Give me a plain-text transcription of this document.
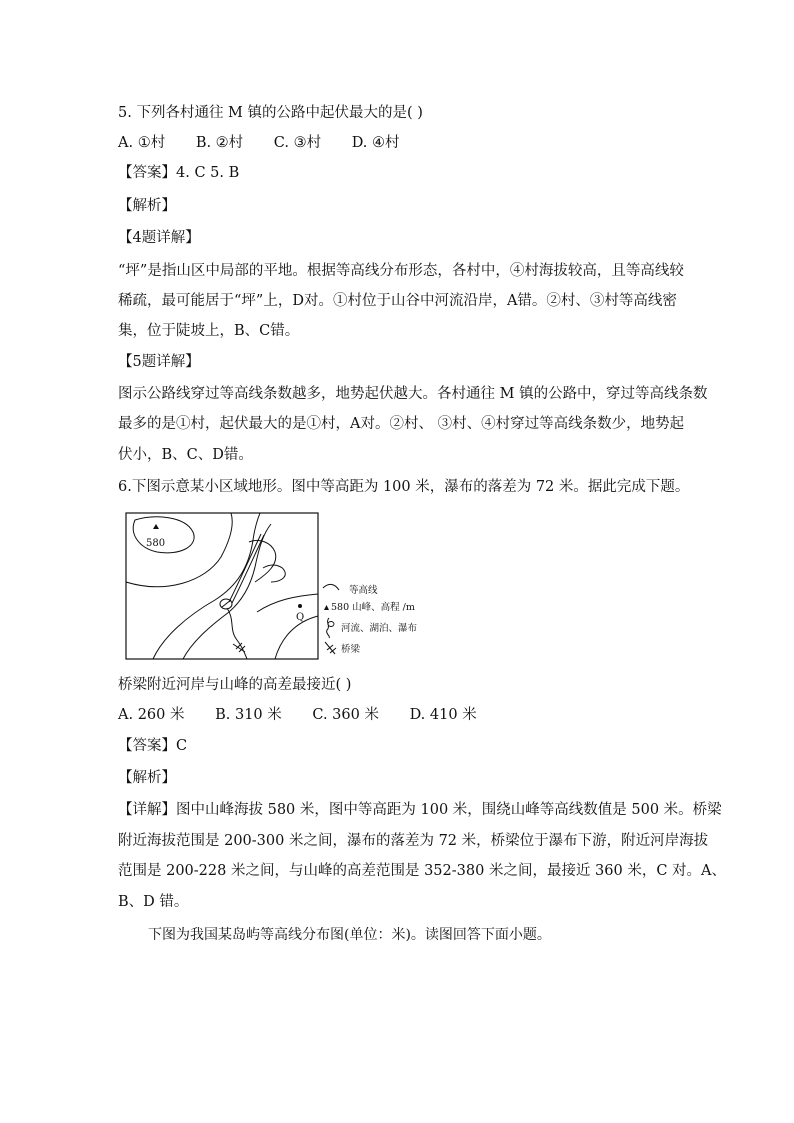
5. 下列各村通往 M 镇的公路中起伏最大的是( )
A. ①村 B. ②村 C. ③村 D. ④村
【答案】4. C 5. B
【解析】
【4题详解】
“坪”是指山区中局部的平地。根据等高线分布形态，各村中，④村海拔较高，且等高线较
稀疏，最可能居于“坪”上，D对。①村位于山谷中河流沿岸，A错。②村、③村等高线密
集，位于陡坡上，B、C错。
【5题详解】
图示公路线穿过等高线条数越多，地势起伏越大。各村通往 M 镇的公路中，穿过等高线条数
最多的是①村，起伏最大的是①村，A对。②村、 ③村、④村穿过等高线条数少，地势起
伏小，B、C、D错。
6.下图示意某小区域地形。图中等高距为 100 米，瀑布的落差为 72 米。据此完成下题。
580
Q
等高线
580 山峰、高程 /m
河流、湖泊、瀑布
桥梁
桥梁附近河岸与山峰的高差最接近( )
A. 260 米 B. 310 米 C. 360 米 D. 410 米
【答案】C
【解析】
【详解】图中山峰海拔 580 米，图中等高距为 100 米，围绕山峰等高线数值是 500 米。桥梁
附近海拔范围是 200-300 米之间，瀑布的落差为 72 米，桥梁位于瀑布下游，附近河岸海拔
范围是 200-228 米之间，与山峰的高差范围是 352-380 米之间，最接近 360 米，C 对。A、
B、D 错。
下图为我国某岛屿等高线分布图(单位：米)。读图回答下面小题。
